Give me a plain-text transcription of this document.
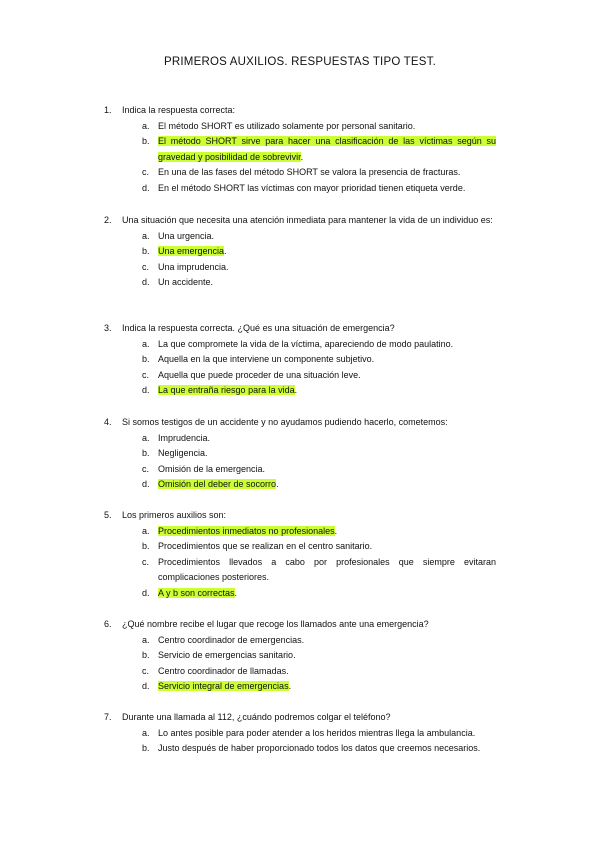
PRIMEROS AUXILIOS. RESPUESTAS TIPO TEST.
1. Indica la respuesta correcta:
a. El método SHORT es utilizado solamente por personal sanitario.
b. El método SHORT sirve para hacer una clasificación de las víctimas según su gravedad y posibilidad de sobrevivir.
c. En una de las fases del método SHORT se valora la presencia de fracturas.
d. En el método SHORT las víctimas con mayor prioridad tienen etiqueta verde.
2. Una situación que necesita una atención inmediata para mantener la vida de un individuo es:
a. Una urgencia.
b. Una emergencia.
c. Una imprudencia.
d. Un accidente.
3. Indica la respuesta correcta. ¿Qué es una situación de emergencia?
a. La que compromete la vida de la víctima, apareciendo de modo paulatino.
b. Aquella en la que interviene un componente subjetivo.
c. Aquella que puede proceder de una situación leve.
d. La que entraña riesgo para la vida.
4. Si somos testigos de un accidente y no ayudamos pudiendo hacerlo, cometemos:
a. Imprudencia.
b. Negligencia.
c. Omisión de la emergencia.
d. Omisión del deber de socorro.
5. Los primeros auxilios son:
a. Procedimientos inmediatos no profesionales.
b. Procedimientos que se realizan en el centro sanitario.
c. Procedimientos llevados a cabo por profesionales que siempre evitaran complicaciones posteriores.
d. A y b son correctas.
6. ¿Qué nombre recibe el lugar que recoge los llamados ante una emergencia?
a. Centro coordinador de emergencias.
b. Servicio de emergencias sanitario.
c. Centro coordinador de llamadas.
d. Servicio integral de emergencias.
7. Durante una llamada al 112, ¿cuándo podremos colgar el teléfono?
a. Lo antes posible para poder atender a los heridos mientras llega la ambulancia.
b. Justo después de haber proporcionado todos los datos que creemos necesarios.
